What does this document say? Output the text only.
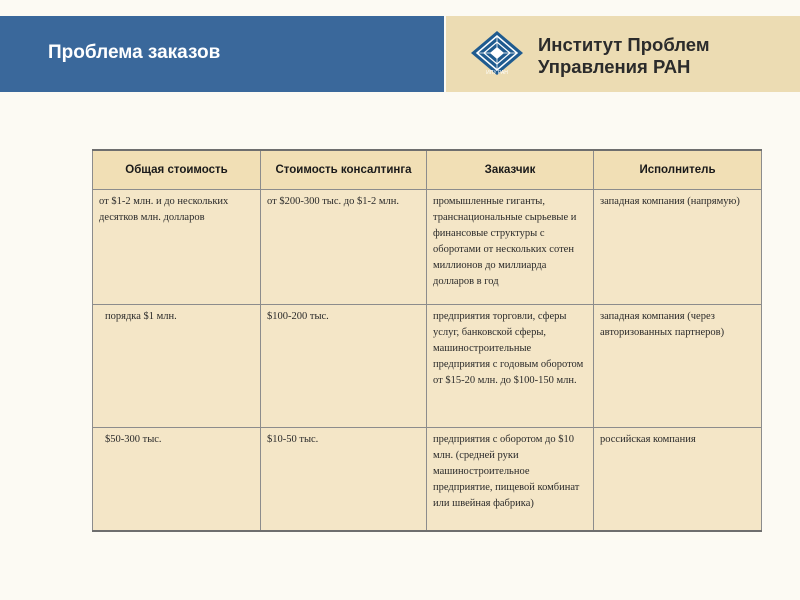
Проблема заказов
ИПУ РАН
Институт Проблем
Управления РАН
Общая стоимость	Стоимость консалтинга	Заказчик	Исполнитель
от $1-2 млн. и до нескольких десятков млн. долларов	от $200-300 тыс. до $1-2 млн.	промышленные гиганты, транснациональные сырьевые и финансовые структуры с оборотами от нескольких сотен миллионов до миллиарда долларов в год	западная компания (напрямую)

порядка $1 млн.	$100-200 тыс.	предприятия торговли, сферы услуг, банковской сферы, машиностроительные предприятия с годовым оборотом от $15-20 млн. до $100-150 млн.	западная компания (через авторизованных партнеров)

$50-300 тыс.	$10-50 тыс.	предприятия с оборотом до $10 млн. (средней руки машиностроительное предприятие, пищевой комбинат или швейная фабрика)	российская компания
